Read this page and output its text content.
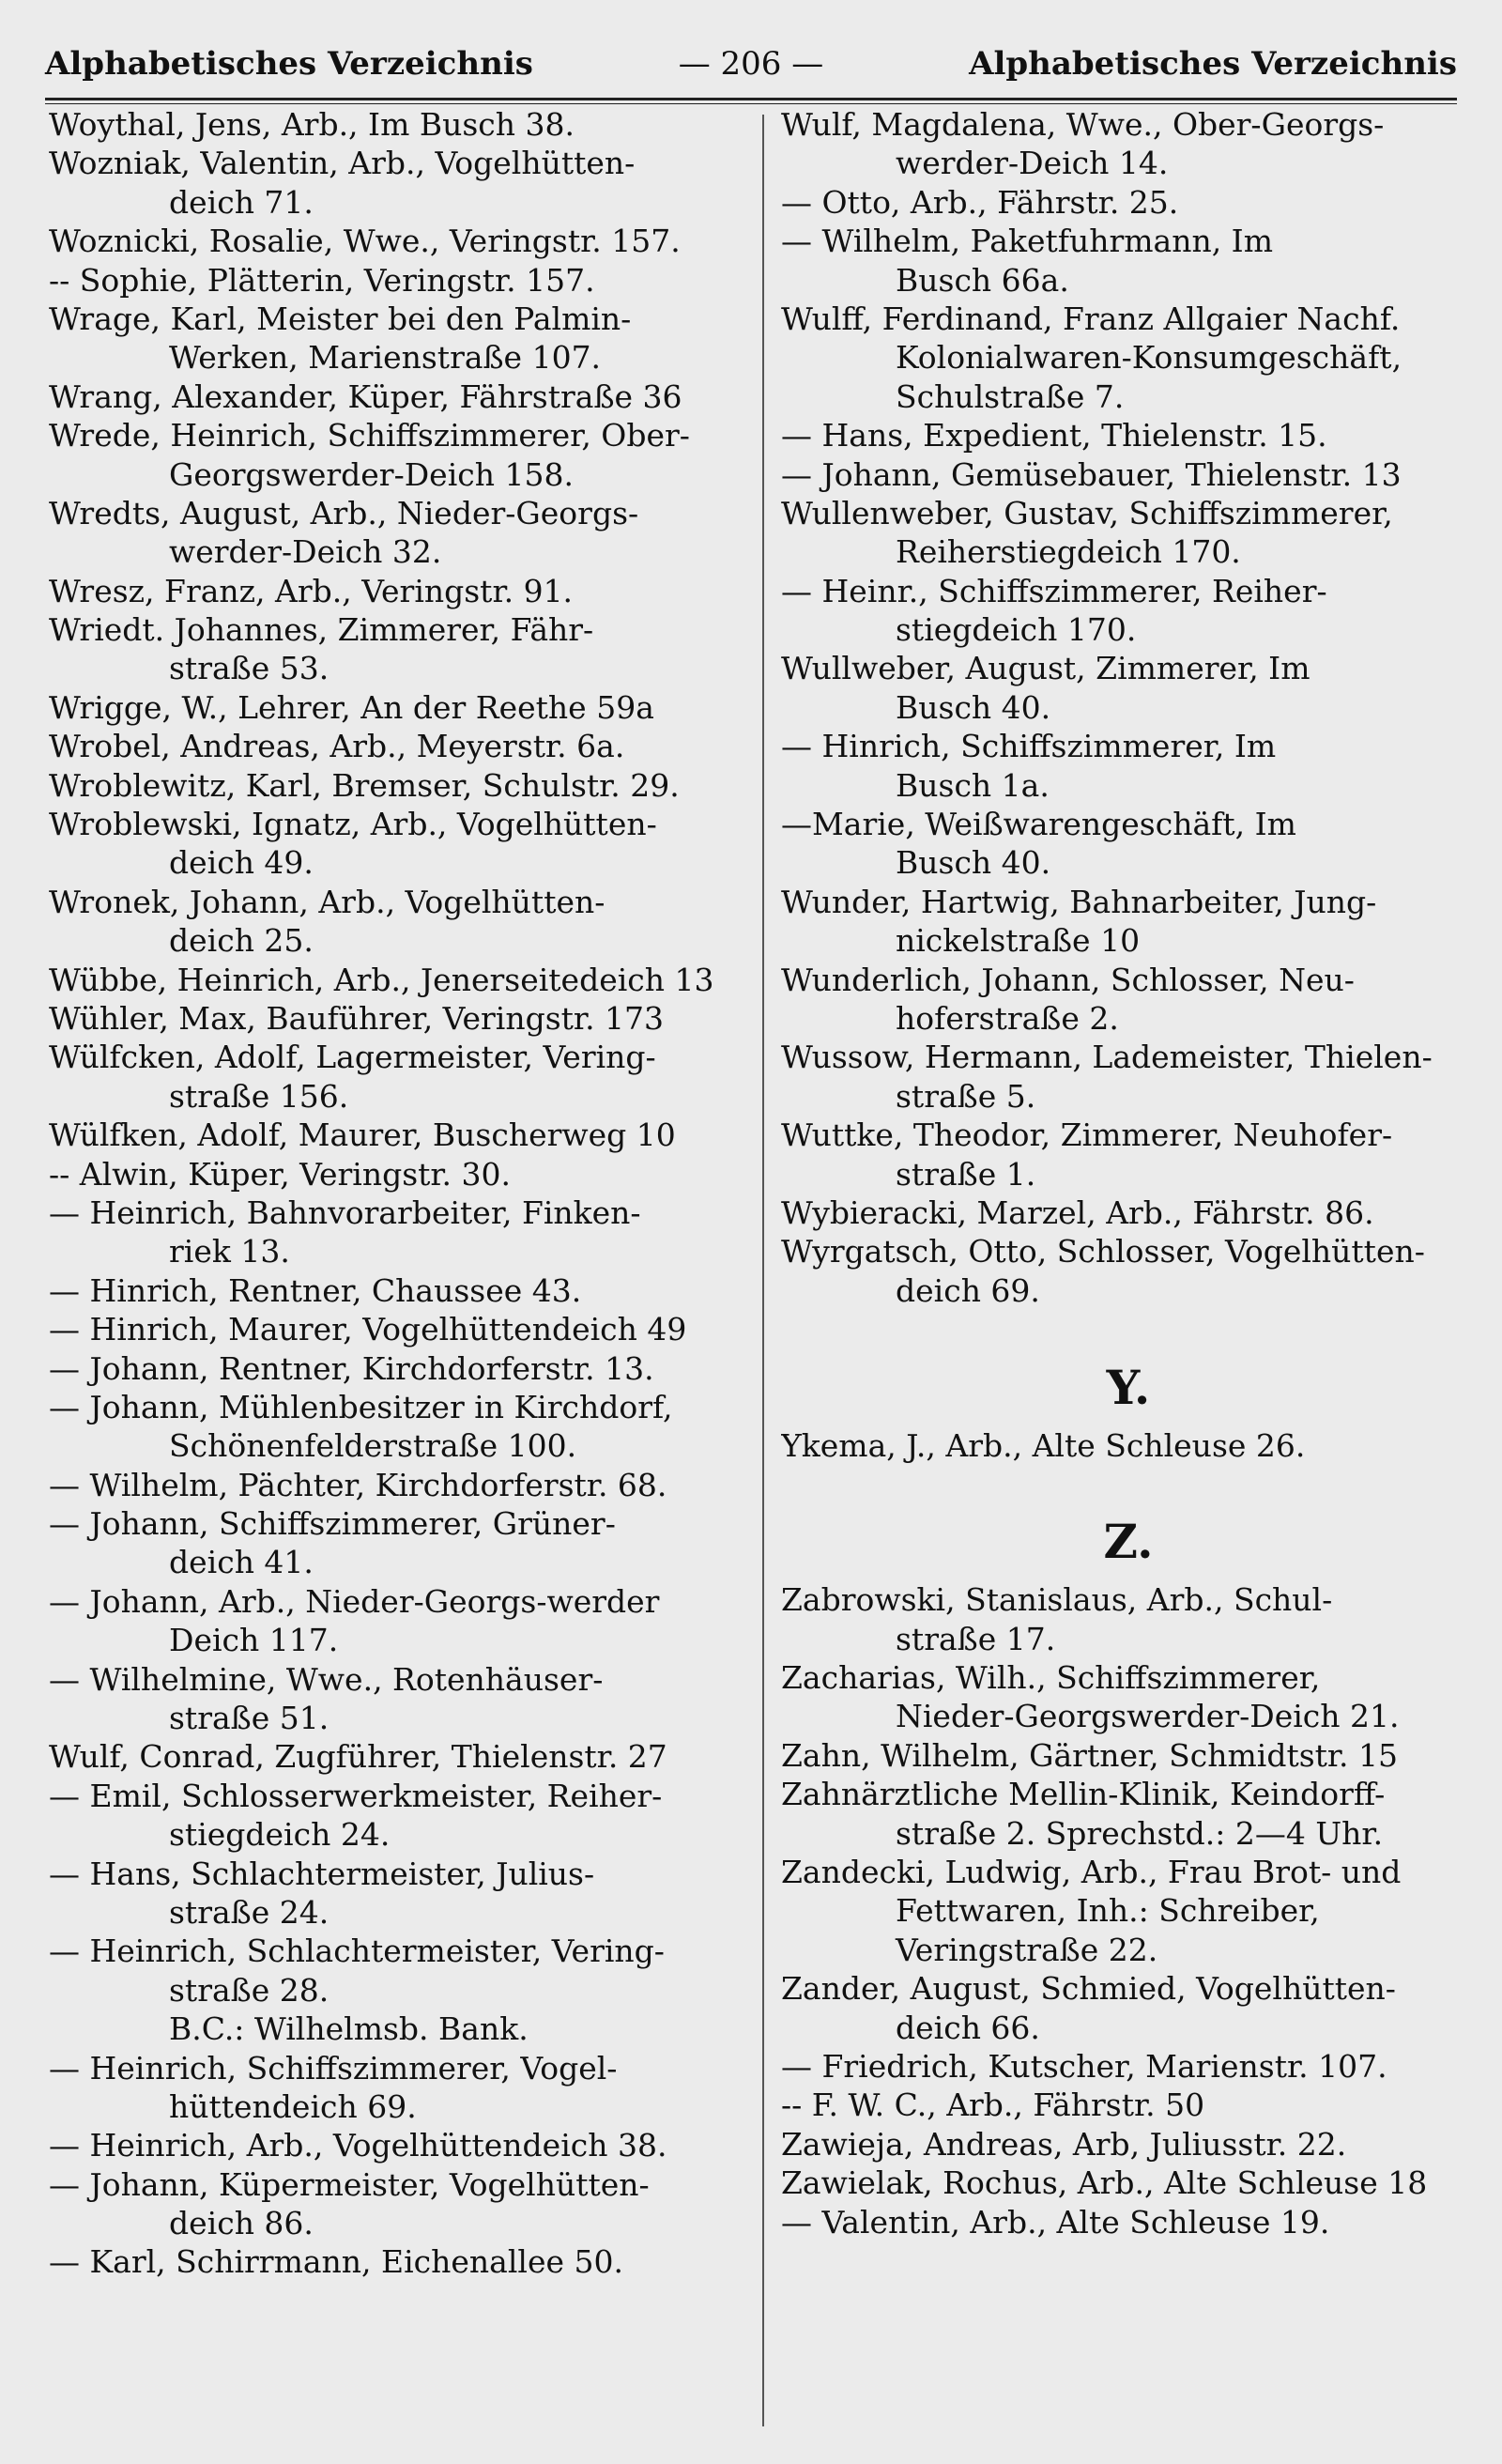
Alphabetisches Verzeichnis	— 206 —	Alphabetisches Verzeichnis
Woythal, Jens, Arb., Im Busch 38.
Wozniak, Valentin, Arb., Vogelhütten-
deich 71.
Woznicki, Rosalie, Wwe., Veringstr. 157.
-- Sophie, Plätterin, Veringstr. 157.
Wrage, Karl, Meister bei den Palmin-
Werken, Marienstraße 107.
Wrang, Alexander, Küper, Fährstraße 36
Wrede, Heinrich, Schiffszimmerer, Ober-
Georgswerder-Deich 158.
Wredts, August, Arb., Nieder-Georgs-
werder-Deich 32.
Wresz, Franz, Arb., Veringstr. 91.
Wriedt. Johannes, Zimmerer, Fähr-
straße 53.
Wrigge, W., Lehrer, An der Reethe 59a
Wrobel, Andreas, Arb., Meyerstr. 6a.
Wroblewitz, Karl, Bremser, Schulstr. 29.
Wroblewski, Ignatz, Arb., Vogelhütten-
deich 49.
Wronek, Johann, Arb., Vogelhütten-
deich 25.
Wübbe, Heinrich, Arb., Jenerseitedeich 13
Wühler, Max, Bauführer, Veringstr. 173
Wülfcken, Adolf, Lagermeister, Vering-
straße 156.
Wülfken, Adolf, Maurer, Buscherweg 10
-- Alwin, Küper, Veringstr. 30.
— Heinrich, Bahnvorarbeiter, Finken-
riek 13.
— Hinrich, Rentner, Chaussee 43.
— Hinrich, Maurer, Vogelhüttendeich 49
— Johann, Rentner, Kirchdorferstr. 13.
— Johann, Mühlenbesitzer in Kirchdorf,
Schönenfelderstraße 100.
— Wilhelm, Pächter, Kirchdorferstr. 68.
— Johann, Schiffszimmerer, Grüner-
deich 41.
— Johann, Arb., Nieder-Georgs-werder
Deich 117.
— Wilhelmine, Wwe., Rotenhäuser-
straße 51.
Wulf, Conrad, Zugführer, Thielenstr. 27
— Emil, Schlosserwerkmeister, Reiher-
stiegdeich 24.
— Hans, Schlachtermeister, Julius-
straße 24.
— Heinrich, Schlachtermeister, Vering-
straße 28.
B.C.: Wilhelmsb. Bank.
— Heinrich, Schiffszimmerer, Vogel-
hüttendeich 69.
— Heinrich, Arb., Vogelhüttendeich 38.
— Johann, Küpermeister, Vogelhütten-
deich 86.
— Karl, Schirrmann, Eichenallee 50.
Wulf, Magdalena, Wwe., Ober-Georgs-
werder-Deich 14.
— Otto, Arb., Fährstr. 25.
— Wilhelm, Paketfuhrmann, Im
Busch 66a.
Wulff, Ferdinand, Franz Allgaier Nachf.
Kolonialwaren-Konsumgeschäft,
Schulstraße 7.
— Hans, Expedient, Thielenstr. 15.
— Johann, Gemüsebauer, Thielenstr. 13
Wullenweber, Gustav, Schiffszimmerer,
Reiherstiegdeich 170.
— Heinr., Schiffszimmerer, Reiher-
stiegdeich 170.
Wullweber, August, Zimmerer, Im
Busch 40.
— Hinrich, Schiffszimmerer, Im
Busch 1a.
—Marie, Weißwarengeschäft, Im
Busch 40.
Wunder, Hartwig, Bahnarbeiter, Jung-
nickelstraße 10
Wunderlich, Johann, Schlosser, Neu-
hoferstraße 2.
Wussow, Hermann, Lademeister, Thielen-
straße 5.
Wuttke, Theodor, Zimmerer, Neuhofer-
straße 1.
Wybieracki, Marzel, Arb., Fährstr. 86.
Wyrgatsch, Otto, Schlosser, Vogelhütten-
deich 69.
Y.
Ykema, J., Arb., Alte Schleuse 26.
Z.
Zabrowski, Stanislaus, Arb., Schul-
straße 17.
Zacharias, Wilh., Schiffszimmerer,
Nieder-Georgswerder-Deich 21.
Zahn, Wilhelm, Gärtner, Schmidtstr. 15
Zahnärztliche Mellin-Klinik, Keindorff-
straße 2. Sprechstd.: 2—4 Uhr.
Zandecki, Ludwig, Arb., Frau Brot- und
Fettwaren, Inh.: Schreiber,
Veringstraße 22.
Zander, August, Schmied, Vogelhütten-
deich 66.
— Friedrich, Kutscher, Marienstr. 107.
-- F. W. C., Arb., Fährstr. 50
Zawieja, Andreas, Arb, Juliusstr. 22.
Zawielak, Rochus, Arb., Alte Schleuse 18
— Valentin, Arb., Alte Schleuse 19.
